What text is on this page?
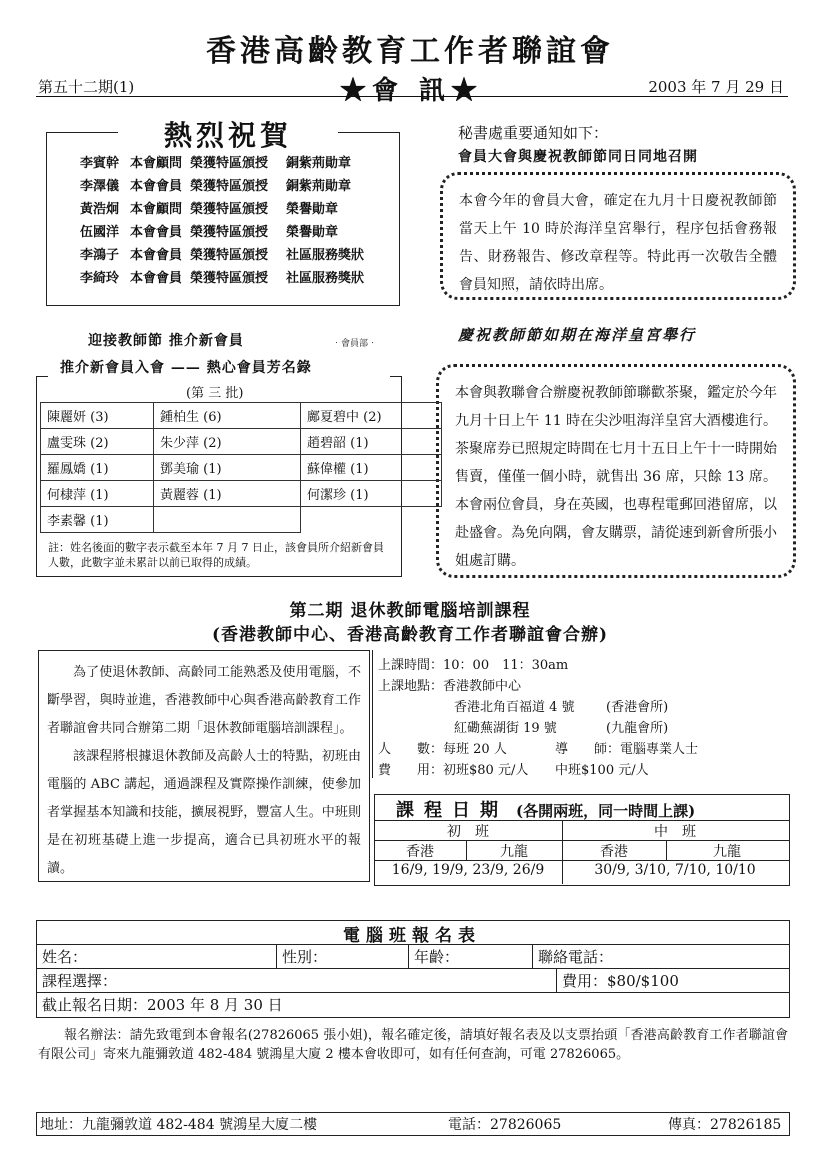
香港高齡教育工作者聯誼會
第五十二期(1)	★會 訊★	2003 年 7 月 29 日
熱烈祝賀
李賓幹 本會顧問 榮獲特區頒授 銅紫荊勛章
李澤儀 本會會員 榮獲特區頒授 銅紫荊勛章
黃浩炯 本會顧問 榮獲特區頒授 榮譽勛章
伍國洋 本會會員 榮獲特區頒授 榮譽勛章
李鴻子 本會會員 榮獲特區頒授 社區服務獎狀
李綺玲 本會會員 榮獲特區頒授 社區服務獎狀
秘書處重要通知如下：
會員大會與慶祝教師節同日同地召開
本會今年的會員大會，確定在九月十日慶祝教師節當天上午 10 時於海洋皇宮舉行，程序包括會務報告、財務報告、修改章程等。特此再一次敬告全體會員知照，請依時出席。
慶祝教師節如期在海洋皇宮舉行
本會與教聯會合辦慶祝教師節聯歡茶聚，鑑定於今年九月十日上午 11 時在尖沙咀海洋皇宮大酒樓進行。茶聚席券已照規定時間在七月十五日上午十一時開始售賣，僅僅一個小時，就售出 36 席，只餘 13 席。本會兩位會員，身在英國，也專程電郵回港留席，以赴盛會。為免向隅，會友購票，請從速到新會所張小姐處訂購。
迎接教師節 推介新會員	‧會員部‧
推介新會員入會 —— 熱心會員芳名錄
(第 三 批)
陳麗妍 (3)	鍾柏生 (6)	鄺夏碧中 (2)
盧雯珠 (2)	朱少萍 (2)	趙碧韶 (1)
羅鳳嬌 (1)	鄧美瑜 (1)	蘇偉權 (1)
何棣萍 (1)	黃麗蓉 (1)	何潔珍 (1)
李素馨 (1)		
註：姓名後面的數字表示截至本年 7 月 7 日止，該會員所介紹新會員人數，此數字並未累計以前已取得的成績。
第二期 退休教師電腦培訓課程
(香港教師中心、香港高齡教育工作者聯誼會合辦)

為了使退休教師、高齡同工能熟悉及使用電腦，不斷學習，與時並進，香港教師中心與香港高齡教育工作者聯誼會共同合辦第二期「退休教師電腦培訓課程」。

該課程將根據退休教師及高齡人士的特點，初班由電腦的 ABC 講起，通過課程及實際操作訓練，使參加者掌握基本知識和技能，擴展視野，豐富人生。中班則是在初班基礎上進一步提高，適合已具初班水平的報讀。

上課時間：10：00　11：30am
上課地點：香港教師中心
香港北角百福道 4 號 (香港會所)
紅磡蕪湖街 19 號	(九龍會所)
人　　數：每班 20 人	導　　師：電腦專業人士
費　　用：初班$80 元/人 中班$100 元/人
課程日期 (各開兩班，同一時間上課)
初　班	中　班
香港	九龍	香港	九龍
16/9, 19/9, 23/9, 26/9	30/9, 3/10, 7/10, 10/10
電腦班報名表
姓名：	性別：	年齡：	聯絡電話：
課程選擇：	費用：$80/$100
截止報名日期：2003 年 8 月 30 日
報名辦法：請先致電到本會報名(27826065 張小姐)，報名確定後，請填好報名表及以支票抬頭「香港高齡教育工作者聯誼會有限公司」寄來九龍彌敦道 482-484 號鴻星大廈 2 樓本會收即可，如有任何查詢，可電 27826065。
地址：九龍彌敦道 482-484 號鴻星大廈二樓	電話：27826065	傳真：27826185
